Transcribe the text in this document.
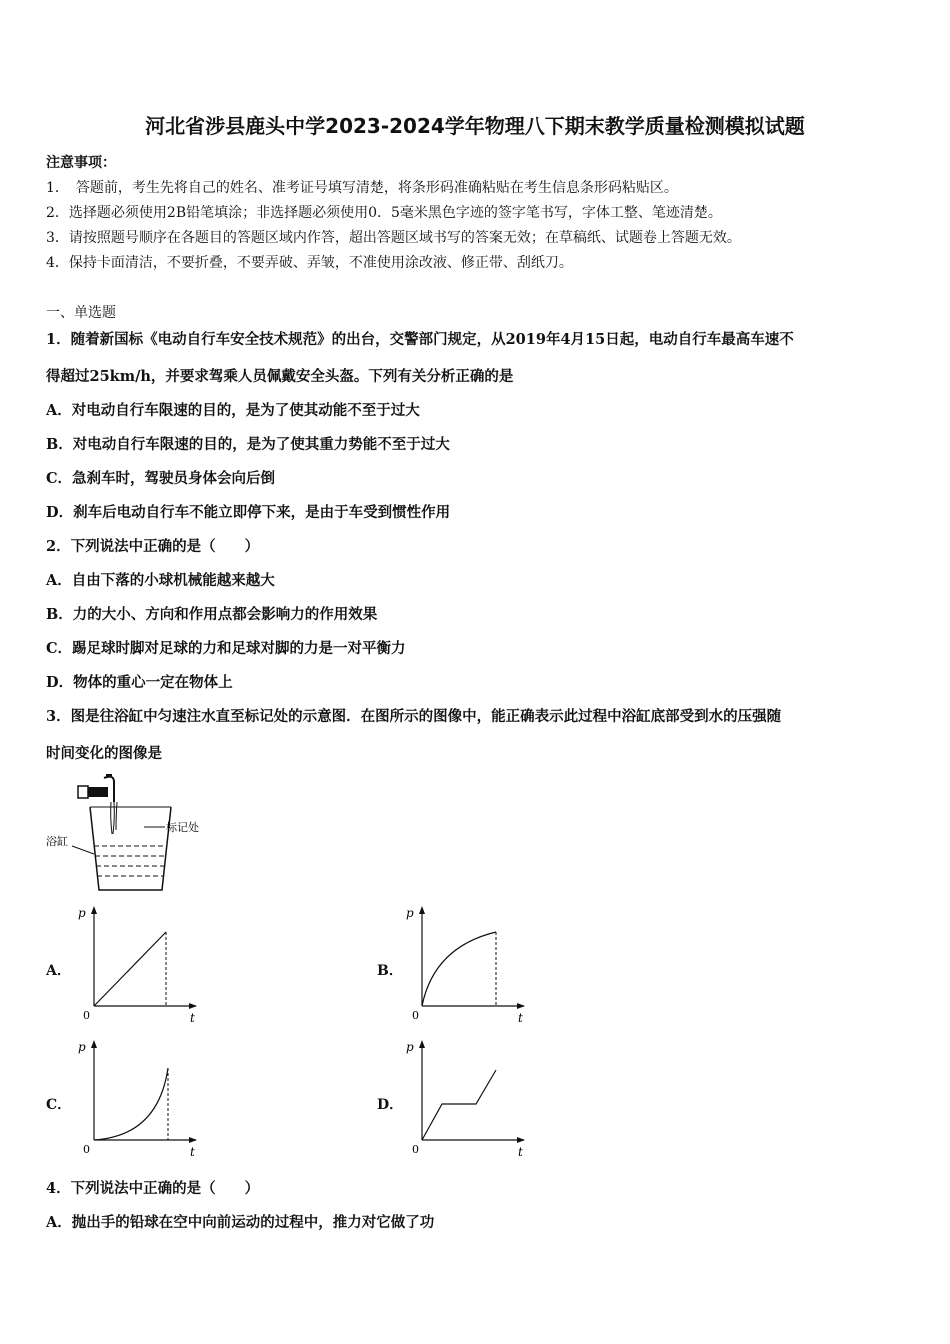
河北省涉县鹿头中学2023-2024学年物理八下期末教学质量检测模拟试题
注意事项：
1．　答题前，考生先将自己的姓名、准考证号填写清楚，将条形码准确粘贴在考生信息条形码粘贴区。
2．选择题必须使用2B铅笔填涂；非选择题必须使用0．5毫米黑色字迹的签字笔书写，字体工整、笔迹清楚。
3．请按照题号顺序在各题目的答题区域内作答，超出答题区域书写的答案无效；在草稿纸、试题卷上答题无效。
4．保持卡面清洁，不要折叠，不要弄破、弄皱，不准使用涂改液、修正带、刮纸刀。
一、单选题
1．随着新国标《电动自行车安全技术规范》的出台，交警部门规定，从2019年4月15日起，电动自行车最高车速不
得超过25km/h，并要求驾乘人员佩戴安全头盔。下列有关分析正确的是
A．对电动自行车限速的目的，是为了使其动能不至于过大
B．对电动自行车限速的目的，是为了使其重力势能不至于过大
C．急刹车时，驾驶员身体会向后倒
D．刹车后电动自行车不能立即停下来，是由于车受到惯性作用
2．下列说法中正确的是（　　）
A．自由下落的小球机械能越来越大
B．力的大小、方向和作用点都会影响力的作用效果
C．踢足球时脚对足球的力和足球对脚的力是一对平衡力
D．物体的重心一定在物体上
3．图是往浴缸中匀速注水直至标记处的示意图．在图所示的图像中，能正确表示此过程中浴缸底部受到水的压强随
时间变化的图像是
浴缸
标记处
A．
p
t
0
B．
p
t
0
C．
p
t
0
D．
p
t
0
4．下列说法中正确的是（　　）
A．抛出手的铅球在空中向前运动的过程中，推力对它做了功
